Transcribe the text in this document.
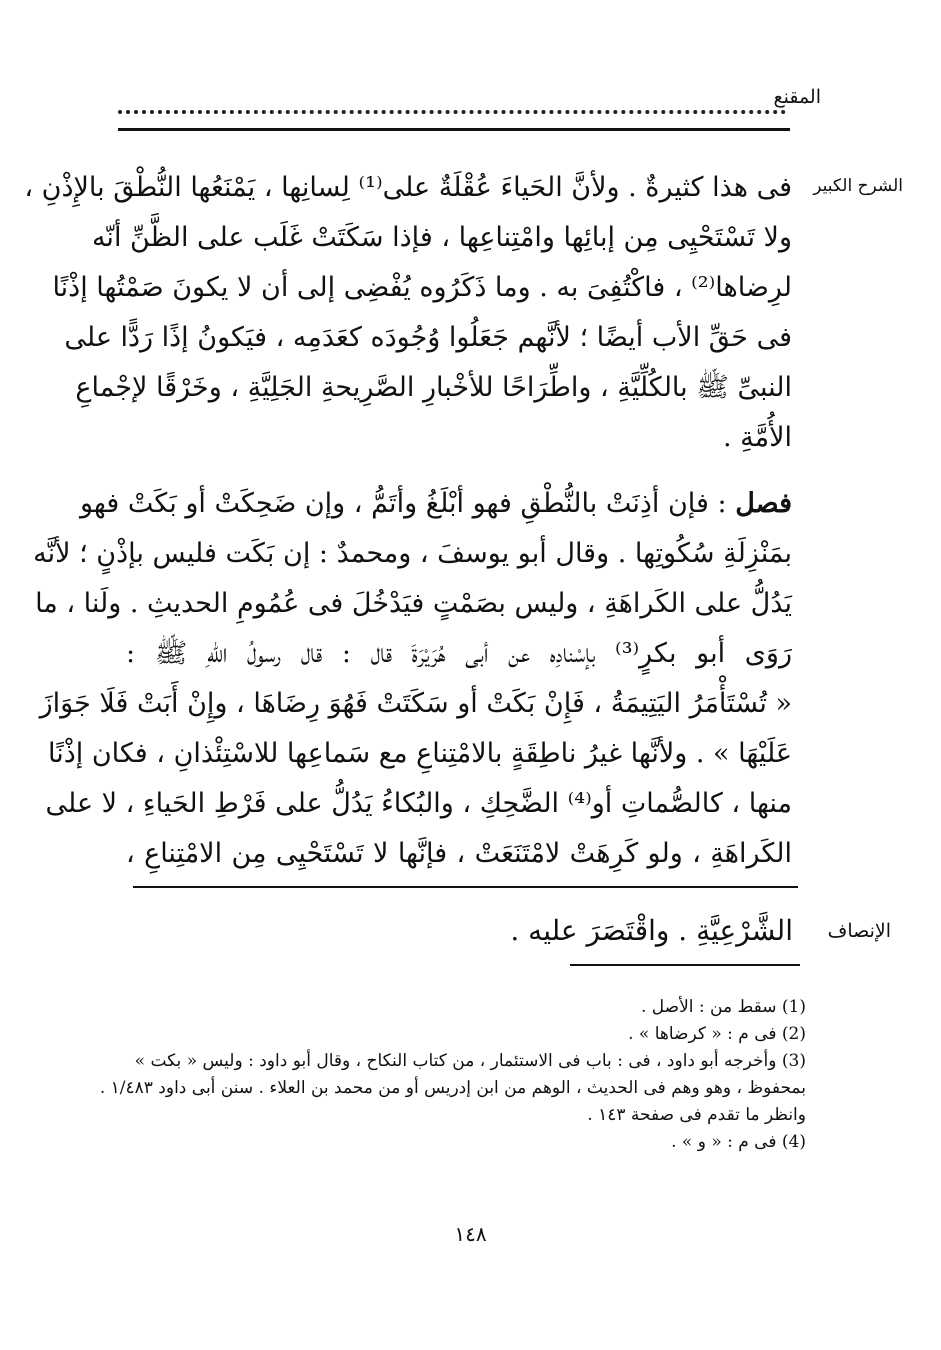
المقنع
الشرح الكبير
فى هذا كثيرةٌ . ولأنَّ الحَياءَ عُقْلَةٌ على⁽¹⁾ لِسانِها ، يَمْنَعُها النُّطْقَ بالإِذْنِ ،
ولا تَسْتَحْيِى مِن إبائِها وامْتِناعِها ، فإذا سَكَتَتْ غَلَب على الظَّنِّ أنّه
لرِضاها⁽²⁾ ، فاكْتُفِىَ به . وما ذَكَرُوه يُفْضِى إلى أن لا يكونَ صَمْتُها إذْنًا
فى حَقِّ الأب أيضًا ؛ لأنَّهم جَعَلُوا وُجُودَه كعَدَمِه ، فيَكونُ إذًا رَدًّا على
النبىِّ ﷺ بالكُلِّيَّةِ ، واطِّرَاحًا للأخْبارِ الصَّرِيحةِ الجَلِيَّةِ ، وخَرْقًا لإجْماعِ
الأُمَّةِ .
فصل : فإن أذِنَتْ بالنُّطْقِ فهو أبْلَغُ وأتَمُّ ، وإن ضَحِكَتْ أو بَكَتْ فهو
بمَنْزِلَةِ سُكُوتِها . وقال أبو يوسفَ ، ومحمدٌ : إن بَكَت فليس بإذْنٍ ؛ لأنَّه
يَدُلُّ على الكَراهَةِ ، وليس بصَمْتٍ فيَدْخُلَ فى عُمُومِ الحديثِ . ولَنا ، ما
رَوَى أبو بكرٍ⁽³⁾ بإسْنادِه عن أبى هُرَيْرَةَ قال : قال رسولُ اللهِ ﷺ :
« تُسْتَأْمَرُ اليَتِيمَةُ ، فَإِنْ بَكَتْ أو سَكَتَتْ فَهُوَ رِضَاهَا ، وإِنْ أَبَتْ فَلَا جَوَازَ
عَلَيْهَا » . ولأنَّها غيرُ ناطِقَةٍ بالامْتِناعِ مع سَماعِها للاسْتِئْذانِ ، فكان إذْنًا
منها ، كالصُّماتِ أو⁽⁴⁾ الضَّحِكِ ، والبُكاءُ يَدُلُّ على فَرْطِ الحَياءِ ، لا على
الكَراهَةِ ، ولو كَرِهَتْ لامْتَنَعَتْ ، فإنَّها لا تَسْتَحْيِى مِن الامْتِناعِ ،
الإنصاف
الشَّرْعِيَّةِ . واقْتَصَرَ عليه .
(1) سقط من : الأصل .
(2) فى م : « كرضاها » .
(3) وأخرجه أبو داود ، فى : باب فى الاستئمار ، من كتاب النكاح ، وقال أبو داود : وليس « بكت »
بمحفوظ ، وهو وهم فى الحديث ، الوهم من ابن إدريس أو من محمد بن العلاء . سنن أبى داود ١/٤٨٣ .
وانظر ما تقدم فى صفحة ١٤٣ .
(4) فى م : « و » .
١٤٨
